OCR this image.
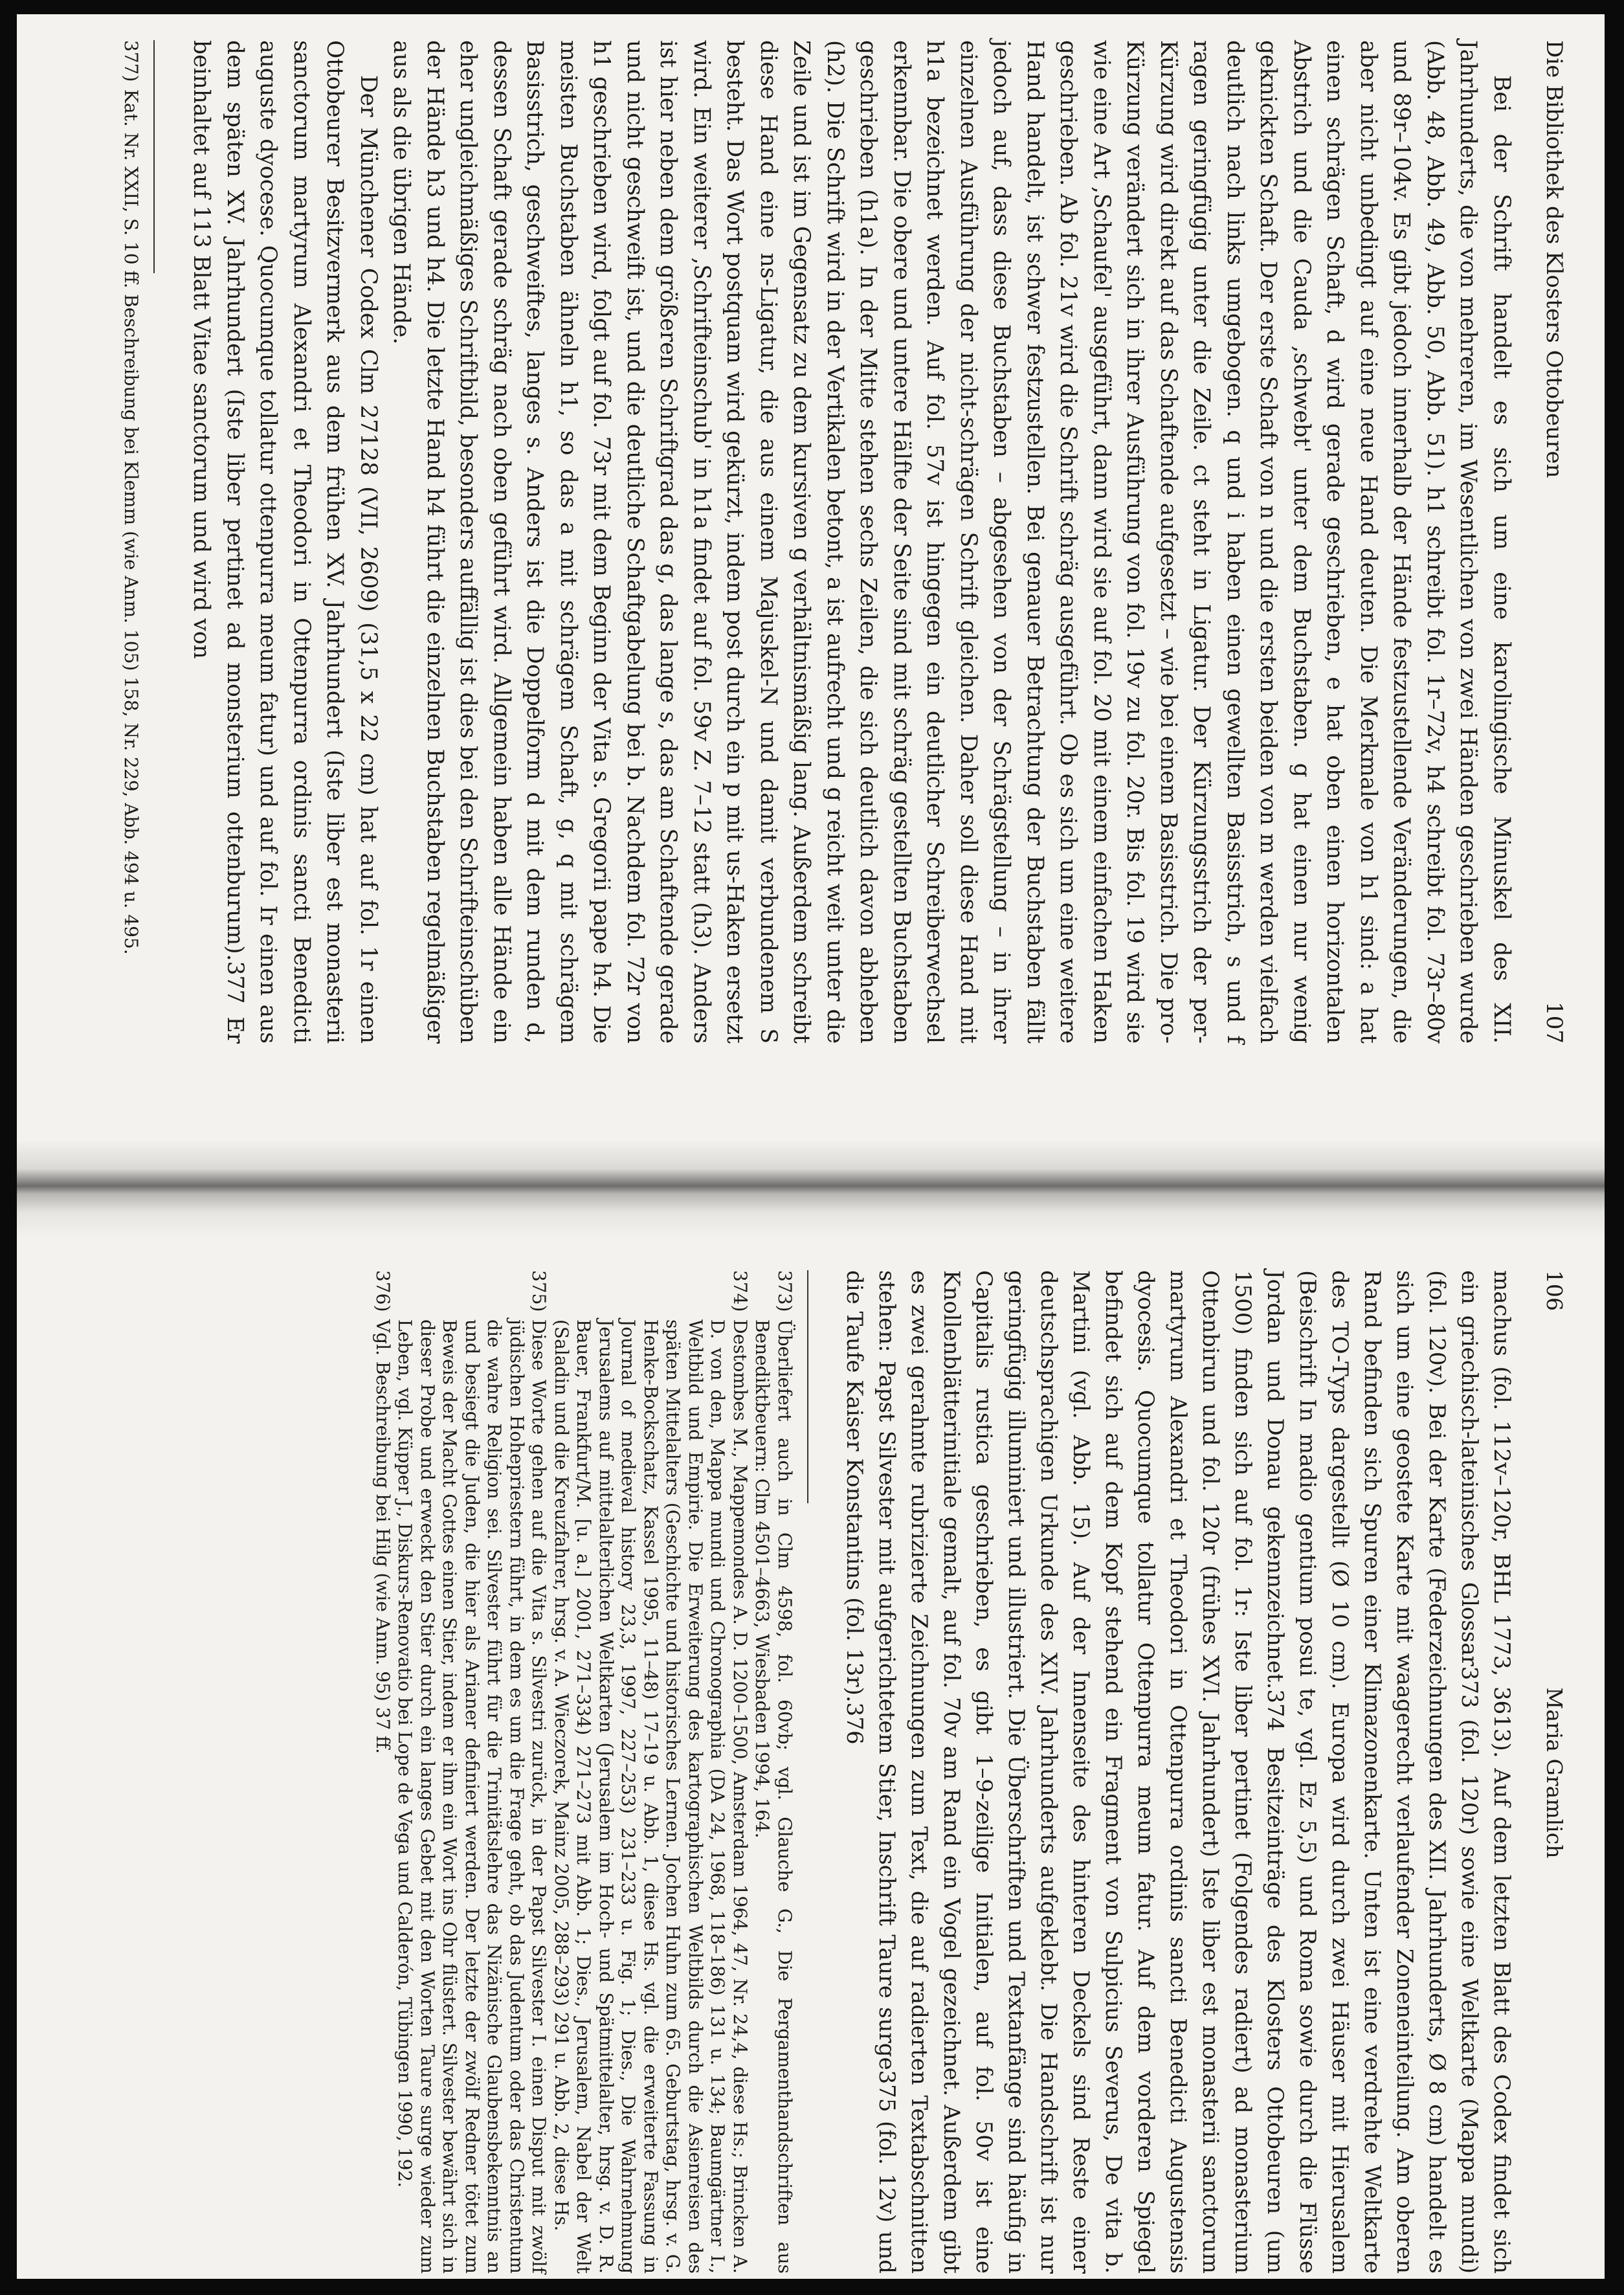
Die Bibliothek des Klosters Ottobeuren
107

Bei der Schrift handelt es sich um eine karolingische Minuskel des XII. Jahrhunderts, die von mehreren, im Wesentlichen von zwei Händen geschrieben wurde (Abb. 48, Abb. 49, Abb. 50, Abb. 51). h1 schreibt fol. 1r–72v, h4 schreibt fol. 73r–80v und 89r–104v. Es gibt jedoch innerhalb der Hände festzustellende Veränderungen, die aber nicht unbedingt auf eine neue Hand deuten. Die Merkmale von h1 sind: a hat einen schrägen Schaft, d wird gerade geschrieben, e hat oben einen horizontalen Abstrich und die Cauda ‚schwebt' unter dem Buchstaben. g hat einen nur wenig geknickten Schaft. Der erste Schaft von n und die ersten beiden von m werden vielfach deutlich nach links umgebogen. q und i haben einen gewellten Basisstrich, s und f ragen geringfügig unter die Zeile. ct steht in Ligatur. Der Kürzungsstrich der per-Kürzung wird direkt auf das Schaftende aufgesetzt – wie bei einem Basisstrich. Die pro-Kürzung verändert sich in ihrer Ausführung von fol. 19v zu fol. 20r. Bis fol. 19 wird sie wie eine Art ‚Schaufel' ausgeführt, dann wird sie auf fol. 20 mit einem einfachen Haken geschrieben. Ab fol. 21v wird die Schrift schräg ausgeführt. Ob es sich um eine weitere Hand handelt, ist schwer festzustellen. Bei genauer Betrachtung der Buchstaben fällt jedoch auf, dass diese Buchstaben – abgesehen von der Schrägstellung – in ihrer einzelnen Ausführung der nicht-schrägen Schrift gleichen. Daher soll diese Hand mit h1a bezeichnet werden. Auf fol. 57v ist hingegen ein deutlicher Schreiberwechsel erkennbar. Die obere und untere Hälfte der Seite sind mit schräg gestellten Buchstaben geschrieben (h1a). In der Mitte stehen sechs Zeilen, die sich deutlich davon abheben (h2). Die Schrift wird in der Vertikalen betont, a ist aufrecht und g reicht weit unter die Zeile und ist im Gegensatz zu dem kursiven g verhältnismäßig lang. Außerdem schreibt diese Hand eine ns-Ligatur, die aus einem Majuskel-N und damit verbundenem S besteht. Das Wort postquam wird gekürzt, indem post durch ein p mit us-Haken ersetzt wird. Ein weiterer ‚Schrifteinschub' in h1a findet auf fol. 59v Z. 7–12 statt (h3). Anders ist hier neben dem größeren Schriftgrad das g, das lange s, das am Schaftende gerade und nicht geschweift ist, und die deutliche Schaftgabelung bei b. Nachdem fol. 72r von h1 geschrieben wird, folgt auf fol. 73r mit dem Beginn der Vita s. Gregorii pape h4. Die meisten Buchstaben ähneln h1, so das a mit schrägem Schaft, g, q mit schrägem Basisstrich, geschweiftes, langes s. Anders ist die Doppelform d mit dem runden d, dessen Schaft gerade schräg nach oben geführt wird. Allgemein haben alle Hände ein eher ungleichmäßiges Schriftbild, besonders auffällig ist dies bei den Schrifteinschüben der Hände h3 und h4. Die letzte Hand h4 führt die einzelnen Buchstaben regelmäßiger aus als die übrigen Hände.

Der Münchener Codex Clm 27128 (VII, 2609) (31,5 x 22 cm) hat auf fol. 1r einen Ottobeurer Besitzvermerk aus dem frühen XV. Jahrhundert (Iste liber est monasterii sanctorum martyrum Alexandri et Theodori in Ottenpurra ordinis sancti Benedicti auguste dyocese. Quocumque tollatur ottenpurra meum fatur) und auf fol. Ir einen aus dem späten XV. Jahrhundert (Iste liber pertinet ad monsterium ottenburum).377 Er beinhaltet auf 113 Blatt Vitae sanctorum und wird von

377)
Kat. Nr. XXII, S. 10 ff. Beschreibung bei Klemm (wie Anm. 105) 158, Nr. 229, Abb. 494 u. 495.
106
Maria Gramlich

machus (fol. 112v–120r, BHL 1773, 3613). Auf dem letzten Blatt des Codex findet sich ein griechisch-lateinisches Glossar373 (fol. 120r) sowie eine Weltkarte (Mappa mundi) (fol. 120v). Bei der Karte (Federzeichnungen des XII. Jahrhunderts, Ø 8 cm) handelt es sich um eine geostete Karte mit waagerecht verlaufender Zoneneinteilung. Am oberen Rand befinden sich Spuren einer Klimazonenkarte. Unten ist eine verdrehte Weltkarte des TO-Typs dargestellt (Ø 10 cm). Europa wird durch zwei Häuser mit Hierusalem (Beischrift In madio gentium posui te, vgl. Ez 5,5) und Roma sowie durch die Flüsse Jordan und Donau gekennzeichnet.374 Besitzeinträge des Klosters Ottobeuren (um 1500) finden sich auf fol. 1r: Iste liber pertinet (Folgendes radiert) ad monasterium Ottenbirun und fol. 120r (frühes XVI. Jahrhundert) Iste liber est monasterii sanctorum martyrum Alexandri et Theodori in Ottenpurra ordinis sancti Benedicti Augustensis dyocesis. Quocumque tollatur Ottenpurra meum fatur. Auf dem vorderen Spiegel befindet sich auf dem Kopf stehend ein Fragment von Sulpicius Severus, De vita b. Martini (vgl. Abb. 15). Auf der Innenseite des hinteren Deckels sind Reste einer deutschsprachigen Urkunde des XIV. Jahrhunderts aufgeklebt. Die Handschrift ist nur geringfügig illuminiert und illustriert. Die Überschriften und Textanfänge sind häufig in Capitalis rustica geschrieben, es gibt 1–9-zeilige Initialen, auf fol. 50v ist eine Knollenblätterinitiale gemalt, auf fol. 70v am Rand ein Vogel gezeichnet. Außerdem gibt es zwei gerahmte rubrizierte Zeichnungen zum Text, die auf radierten Textabschnitten stehen: Papst Silvester mit aufgerichtetem Stier, Inschrift Taure surge375 (fol. 12v) und die Taufe Kaiser Konstantins (fol. 13r).376

373)
Überliefert auch in Clm 4598, fol. 60vb; vgl. Glauche G., Die Pergamenthandschriften aus Benediktbeuern: Clm 4501–4663, Wiesbaden 1994, 164.
374)
Destombes M., Mappemondes A. D. 1200–1500, Amsterdam 1964, 47, Nr. 24,4, diese Hs.; Brincken A. D. von den, Mappa mundi und Chronographia (DA 24, 1968, 118–186) 131 u. 134; Baumgärtner I., Weltbild und Empirie. Die Erweiterung des kartographischen Weltbilds durch die Asienreisen des späten Mittelalters (Geschichte und historisches Lernen. Jochen Huhn zum 65. Geburtstag, hrsg. v. G. Henke-Bockschatz, Kassel 1995, 11–48) 17–19 u. Abb. 1, diese Hs. vgl. die erweiterte Fassung in Journal of medieval history 23,3, 1997, 227–253) 231–233 u. Fig. 1; Dies., Die Wahrnehmung Jerusalems auf mittelalterlichen Weltkarten (Jerusalem im Hoch- und Spätmittelalter, hrsg. v. D. R. Bauer, Frankfurt/M. [u. a.] 2001, 271–334) 271–273 mit Abb. 1; Dies., Jerusalem, Nabel der Welt (Saladin und die Kreuzfahrer, hrsg. v. A. Wieczorek, Mainz 2005, 288–293) 291 u. Abb. 2, diese Hs.
375)
Diese Worte gehen auf die Vita s. Silvestri zurück, in der Papst Silvester I. einen Disput mit zwölf jüdischen Hohepriestern führt, in dem es um die Frage geht, ob das Judentum oder das Christentum die wahre Religion sei. Silvester führt für die Trinitätslehre das Nizänische Glaubensbekenntnis an und besiegt die Juden, die hier als Arianer definiert werden. Der letzte der zwölf Redner tötet zum Beweis der Macht Gottes einen Stier, indem er ihm ein Wort ins Ohr flüstert. Silvester bewährt sich in dieser Probe und erweckt den Stier durch ein langes Gebet mit den Worten Taure surge wieder zum Leben, vgl. Küpper J., Diskurs-Renovatio bei Lope de Vega und Calderón, Tübingen 1990, 192.
376)
Vgl. Beschreibung bei Hilg (wie Anm. 95) 37 ff.
